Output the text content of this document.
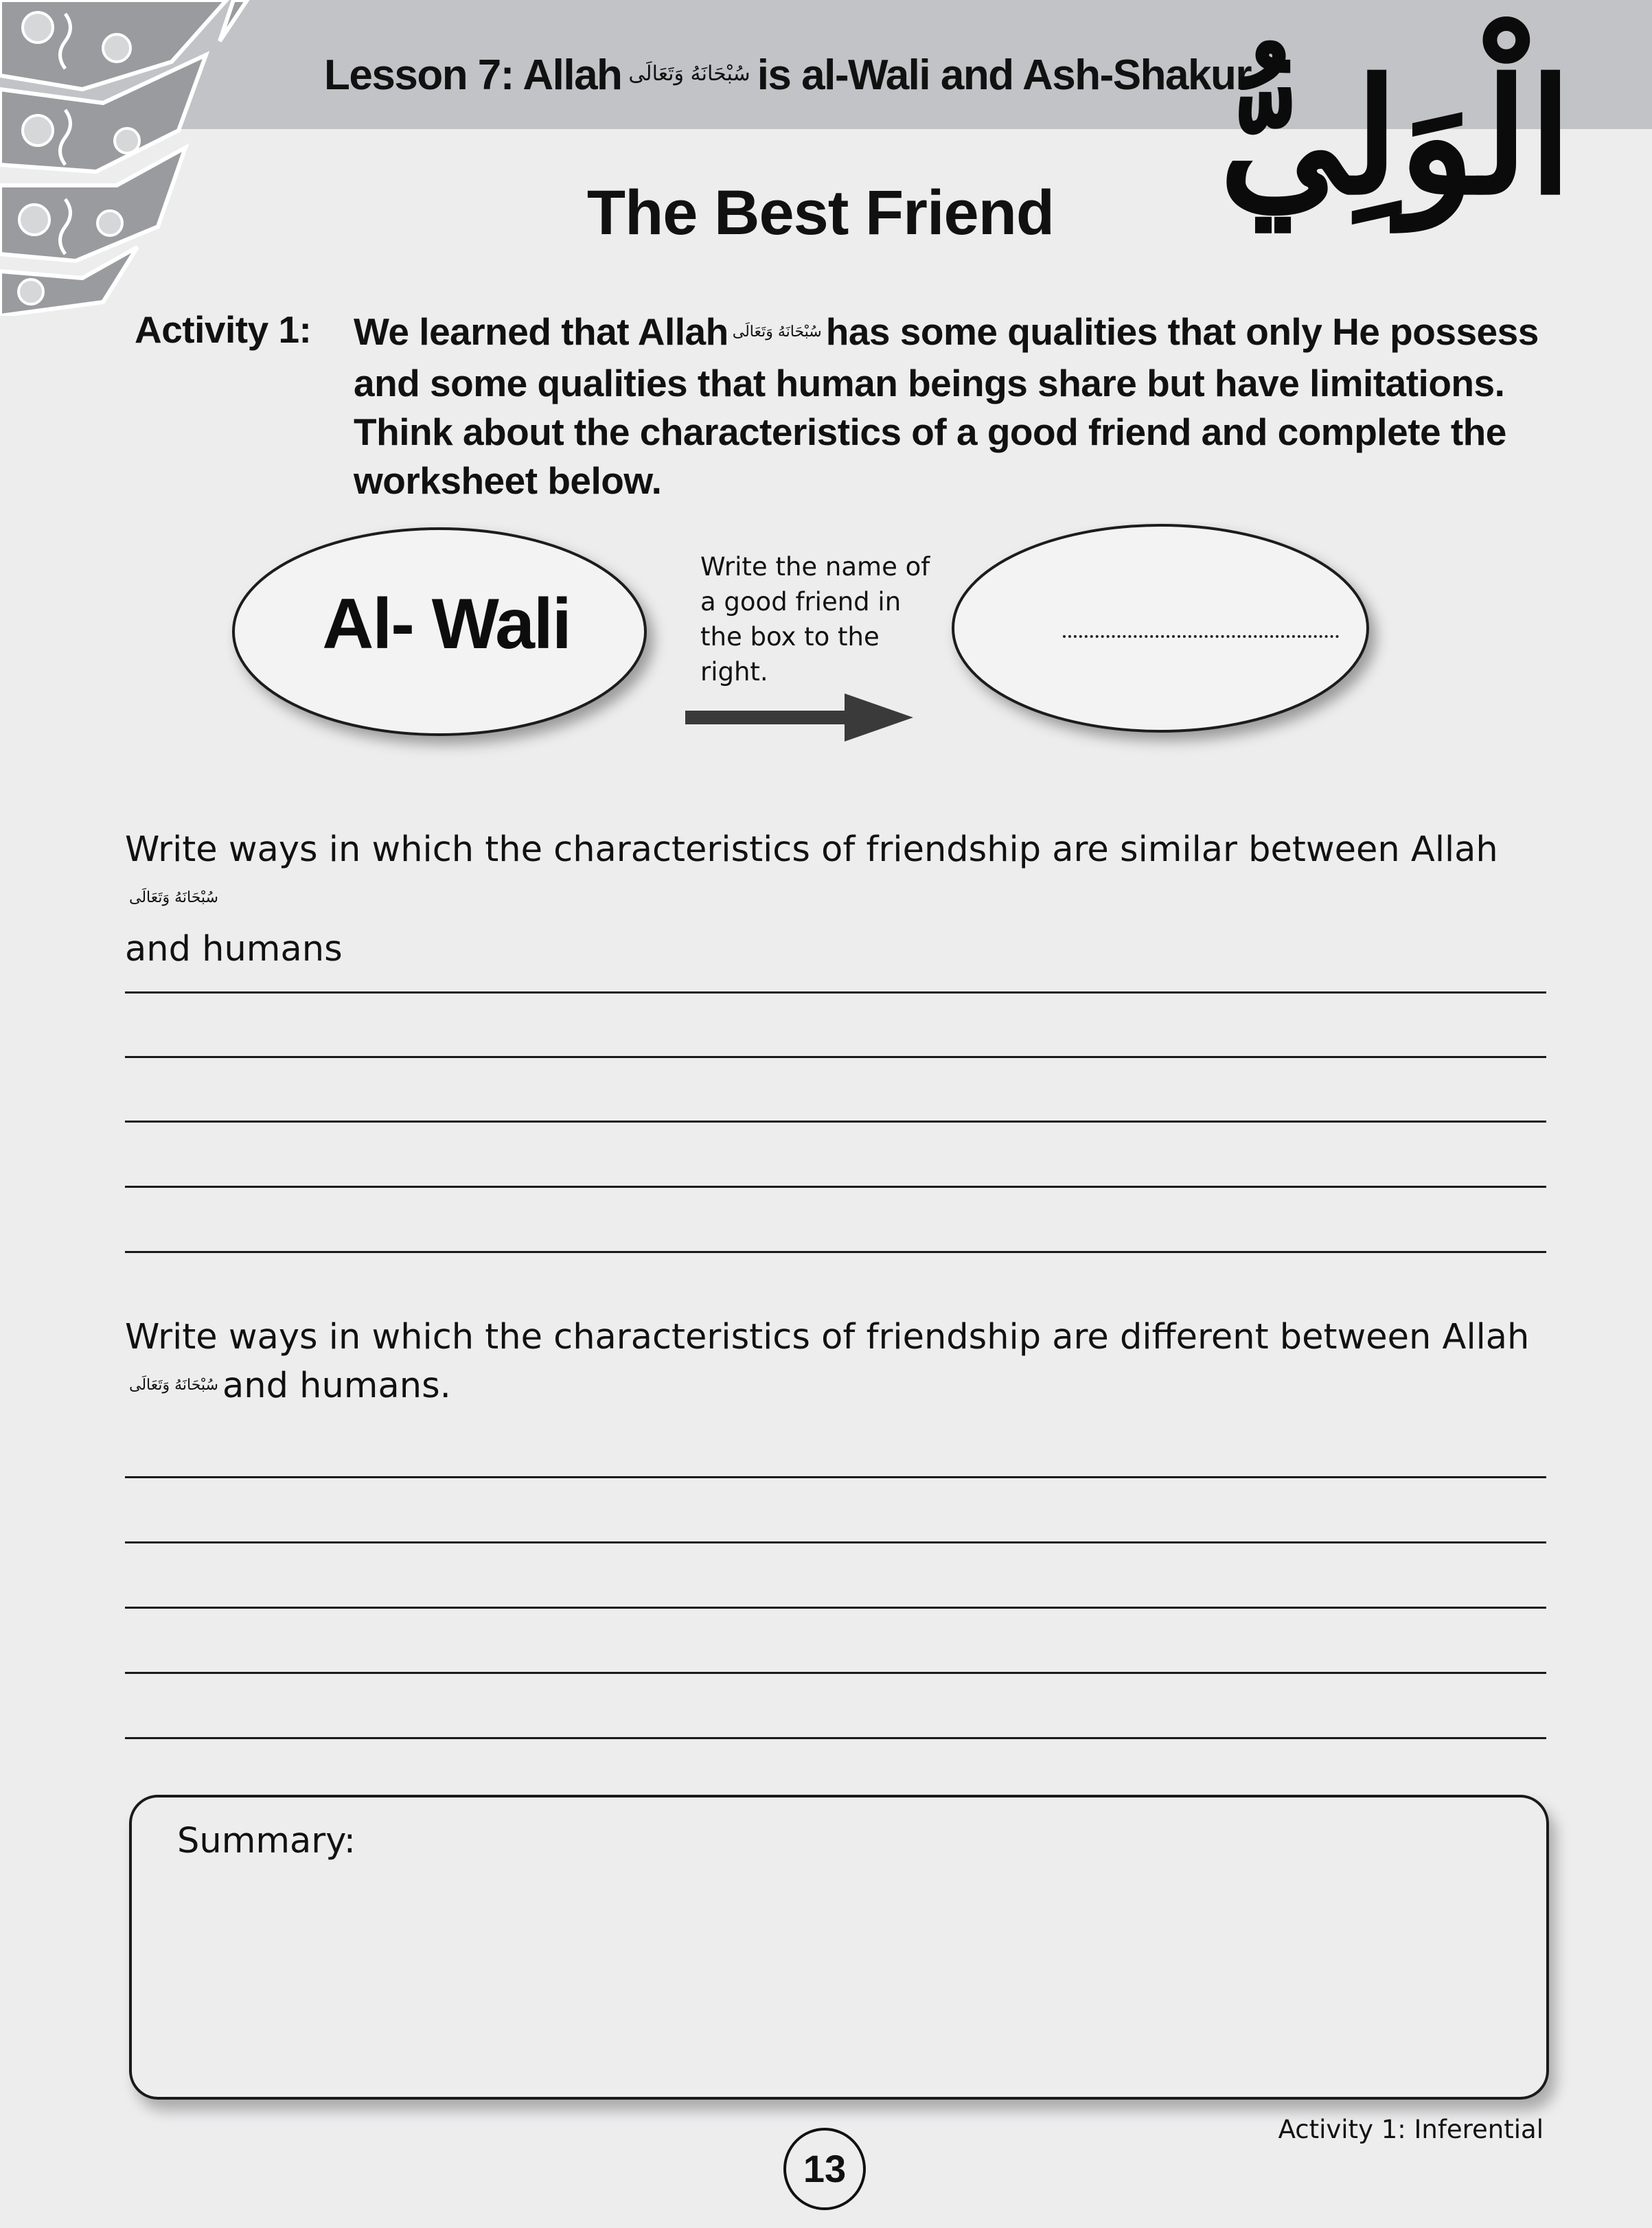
Lesson 7: Allah سُبْحَانَهُ وَتَعَالَى is al-Wali and Ash-Shakur
الْوَلِيُّ
The Best Friend
Activity 1: We learned that Allah سُبْحَانَهُ وَتَعَالَى has some qualities that only He possess and some qualities that human beings share but have limitations. Think about the characteristics of a good friend and complete the worksheet below.
Al- Wali
Write the name of a good friend in the box to the right.
Write ways in which the characteristics of friendship are similar between Allahسُبْحَانَهُ وَتَعَالَى
and humans
Write ways in which the characteristics of friendship are different between Allahسُبْحَانَهُ وَتَعَالَى and humans.
Summary:
13
Activity 1: Inferential
